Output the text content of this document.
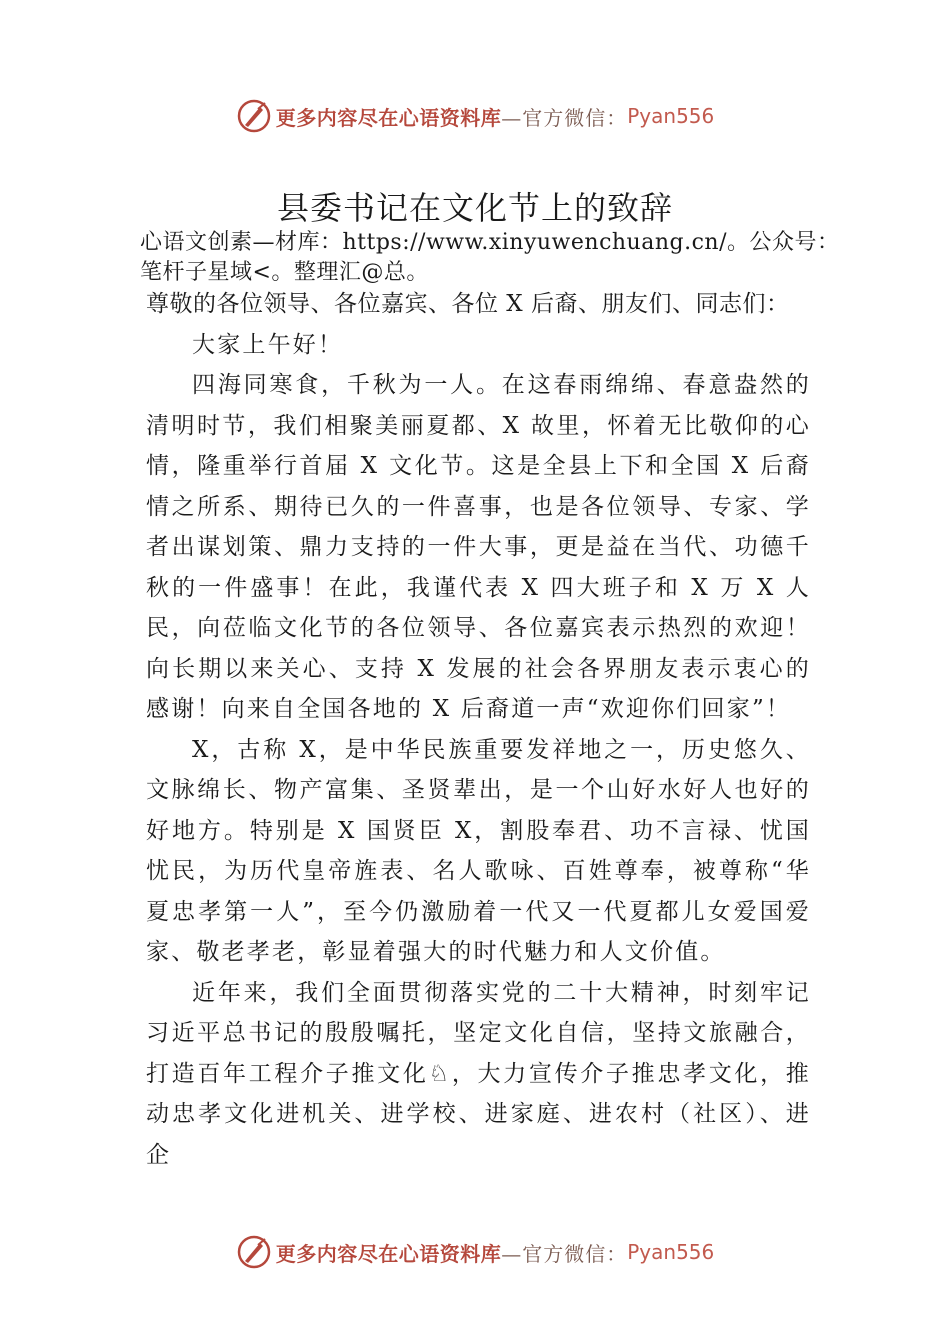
更多内容尽在心语资料库 —官方微信： Pyan556
县委书记在文化节上的致辞
心语文创素—材库：https://www.xinyuwenchuang.cn/。公众号：笔杆子星域<。整理汇@总。

尊敬的各位领导、各位嘉宾、各位 X 后裔、朋友们、同志们：

大家上午好！

四海同寒食，千秋为一人。在这春雨绵绵、春意盎然的清明时节，我们相聚美丽夏都、X 故里，怀着无比敬仰的心情，隆重举行首届 X 文化节。这是全县上下和全国 X 后裔情之所系、期待已久的一件喜事，也是各位领导、专家、学者出谋划策、鼎力支持的一件大事，更是益在当代、功德千秋的一件盛事！在此，我谨代表 X 四大班子和 X 万 X 人民，向莅临文化节的各位领导、各位嘉宾表示热烈的欢迎！向长期以来关心、支持 X 发展的社会各界朋友表示衷心的感谢！向来自全国各地的 X 后裔道一声“欢迎你们回家”！

X，古称 X，是中华民族重要发祥地之一，历史悠久、文脉绵长、物产富集、圣贤辈出，是一个山好水好人也好的好地方。特别是 X 国贤臣 X，割股奉君、功不言禄、忧国忧民，为历代皇帝旌表、名人歌咏、百姓尊奉，被尊称“华夏忠孝第一人”，至今仍激励着一代又一代夏都儿女爱国爱家、敬老孝老，彰显着强大的时代魅力和人文价值。

近年来，我们全面贯彻落实党的二十大精神，时刻牢记习近平总书记的殷殷嘱托，坚定文化自信，坚持文旅融合， 打造百年工程介子推文化♘，大力宣传介子推忠孝文化，推动忠孝文化进机关、进学校、进家庭、进农村（社区）、进企

更多内容尽在心语资料库 —官方微信： Pyan556
